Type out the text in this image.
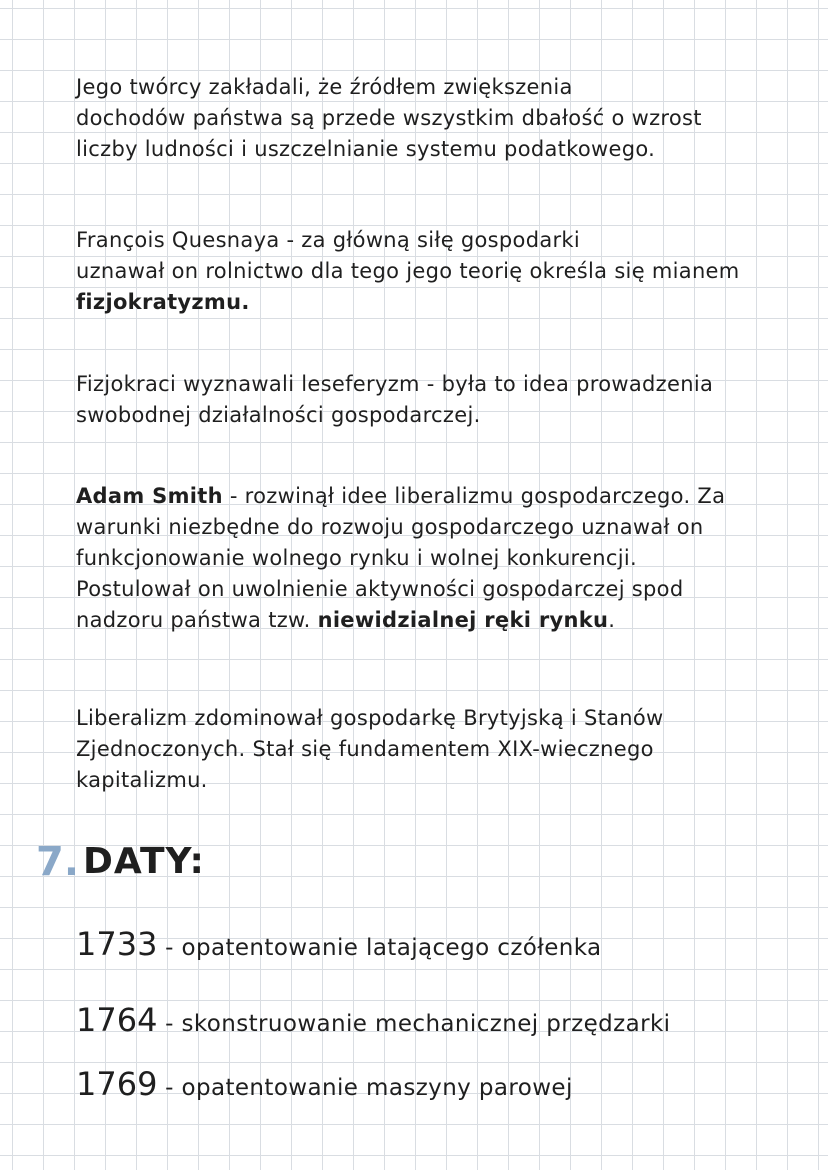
Jego twórcy zakładali, że źródłem zwiększenia
dochodów państwa są przede wszystkim dbałość o wzrost
liczby ludności i uszczelnianie systemu podatkowego.
François Quesnaya - za główną siłę gospodarki
uznawał on rolnictwo dla tego jego teorię określa się mianem
fizjokratyzmu.
Fizjokraci wyznawali leseferyzm - była to idea prowadzenia
swobodnej działalności gospodarczej.
Adam Smith - rozwinął idee liberalizmu gospodarczego. Za
warunki niezbędne do rozwoju gospodarczego uznawał on
funkcjonowanie wolnego rynku i wolnej konkurencji.
Postulował on uwolnienie aktywności gospodarczej spod
nadzoru państwa tzw. niewidzialnej ręki rynku.
Liberalizm zdominował gospodarkę Brytyjską i Stanów
Zjednoczonych. Stał się fundamentem XIX-wiecznego
kapitalizmu.
7. DATY:
1733 - opatentowanie latającego czółenka
1764 - skonstruowanie mechanicznej przędzarki
1769 - opatentowanie maszyny parowej
